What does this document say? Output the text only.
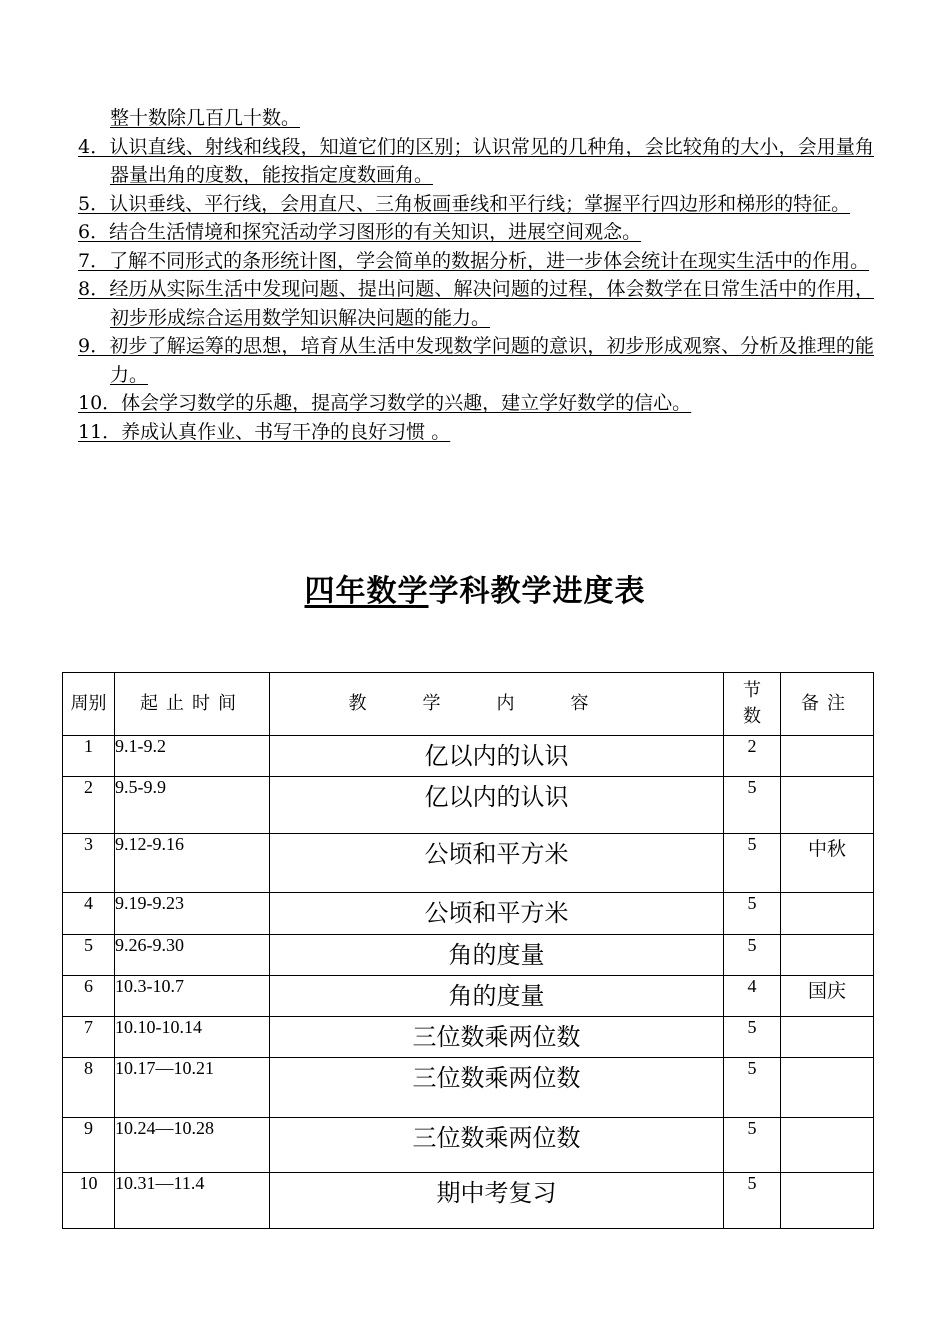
整十数除几百几十数。
4．认识直线、射线和线段，知道它们的区别；认识常见的几种角，会比较角的大小，会用量角器量出角的度数，能按指定度数画角。
5．认识垂线、平行线，会用直尺、三角板画垂线和平行线；掌握平行四边形和梯形的特征。
6．结合生活情境和探究活动学习图形的有关知识，进展空间观念。
7．了解不同形式的条形统计图，学会简单的数据分析，进一步体会统计在现实生活中的作用。
8．经历从实际生活中发现问题、提出问题、解决问题的过程，体会数学在日常生活中的作用，初步形成综合运用数学知识解决问题的能力。
9．初步了解运筹的思想，培育从生活中发现数学问题的意识，初步形成观察、分析及推理的能力。
10．体会学习数学的乐趣，提高学习数学的兴趣，建立学好数学的信心。
11．养成认真作业、书写干净的良好习惯 。
四年数学学科教学进度表
周别	起止时间	教学内容	节数	备注
1	9.1-9.2	亿以内的认识	2	
2	9.5-9.9	亿以内的认识	5	
3	9.12-9.16	公顷和平方米	5	中秋
4	9.19-9.23	公顷和平方米	5	
5	9.26-9.30	角的度量	5	
6	10.3-10.7	角的度量	4	国庆
7	10.10-10.14	三位数乘两位数	5	
8	10.17—10.21	三位数乘两位数	5	
9	10.24—10.28	三位数乘两位数	5	
10	10.31—11.4	期中考复习	5	
